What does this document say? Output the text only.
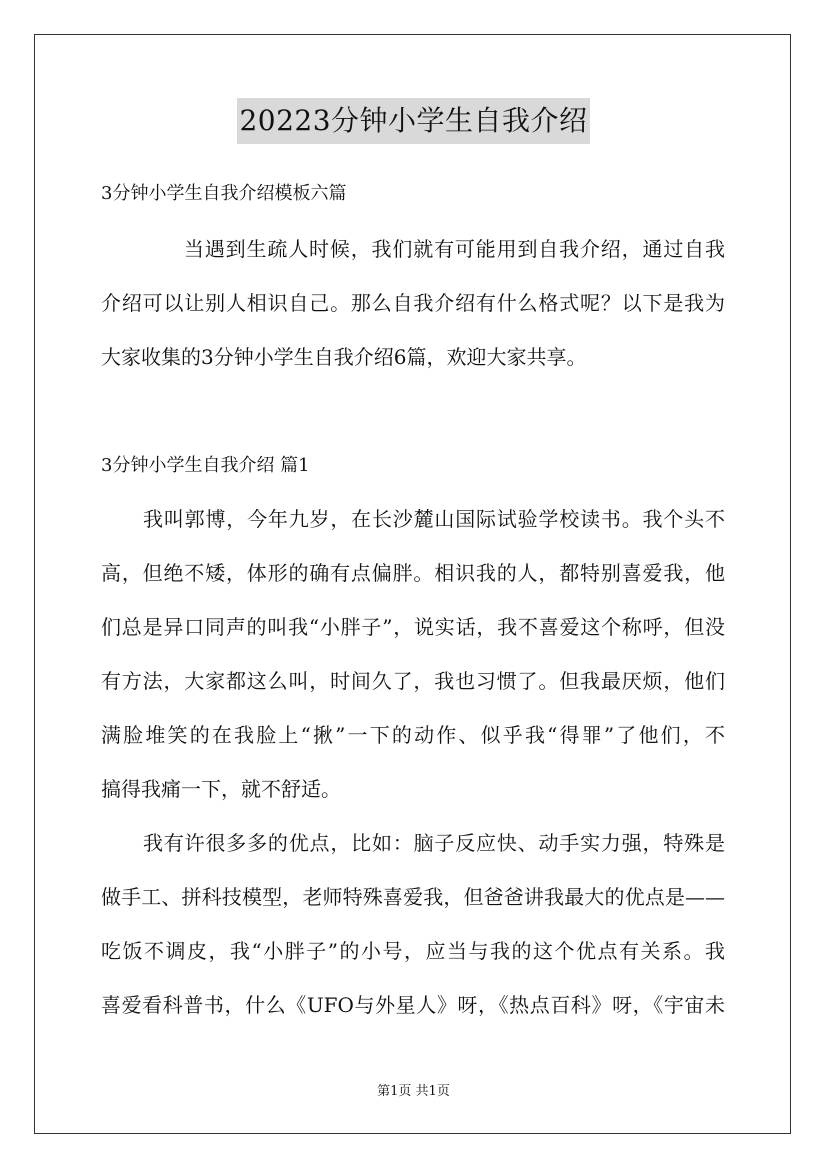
20223分钟小学生自我介绍
3分钟小学生自我介绍模板六篇
当遇到生疏人时候，我们就有可能用到自我介绍，通过自我
介绍可以让别人相识自己。那么自我介绍有什么格式呢？以下是我为
大家收集的3分钟小学生自我介绍6篇，欢迎大家共享。
3分钟小学生自我介绍 篇1
我叫郭博，今年九岁，在长沙麓山国际试验学校读书。我个头不
高，但绝不矮，体形的确有点偏胖。相识我的人，都特别喜爱我，他
们总是异口同声的叫我“小胖子”，说实话，我不喜爱这个称呼，但没
有方法，大家都这么叫，时间久了，我也习惯了。但我最厌烦，他们
满脸堆笑的在我脸上“揪”一下的动作、似乎我“得罪”了他们，不
搞得我痛一下，就不舒适。
我有许很多多的优点，比如：脑子反应快、动手实力强，特殊是
做手工、拼科技模型，老师特殊喜爱我，但爸爸讲我最大的优点是——
吃饭不调皮，我“小胖子”的小号，应当与我的这个优点有关系。我
喜爱看科普书，什么《UFO与外星人》呀，《热点百科》呀，《宇宙未
第1页 共1页
